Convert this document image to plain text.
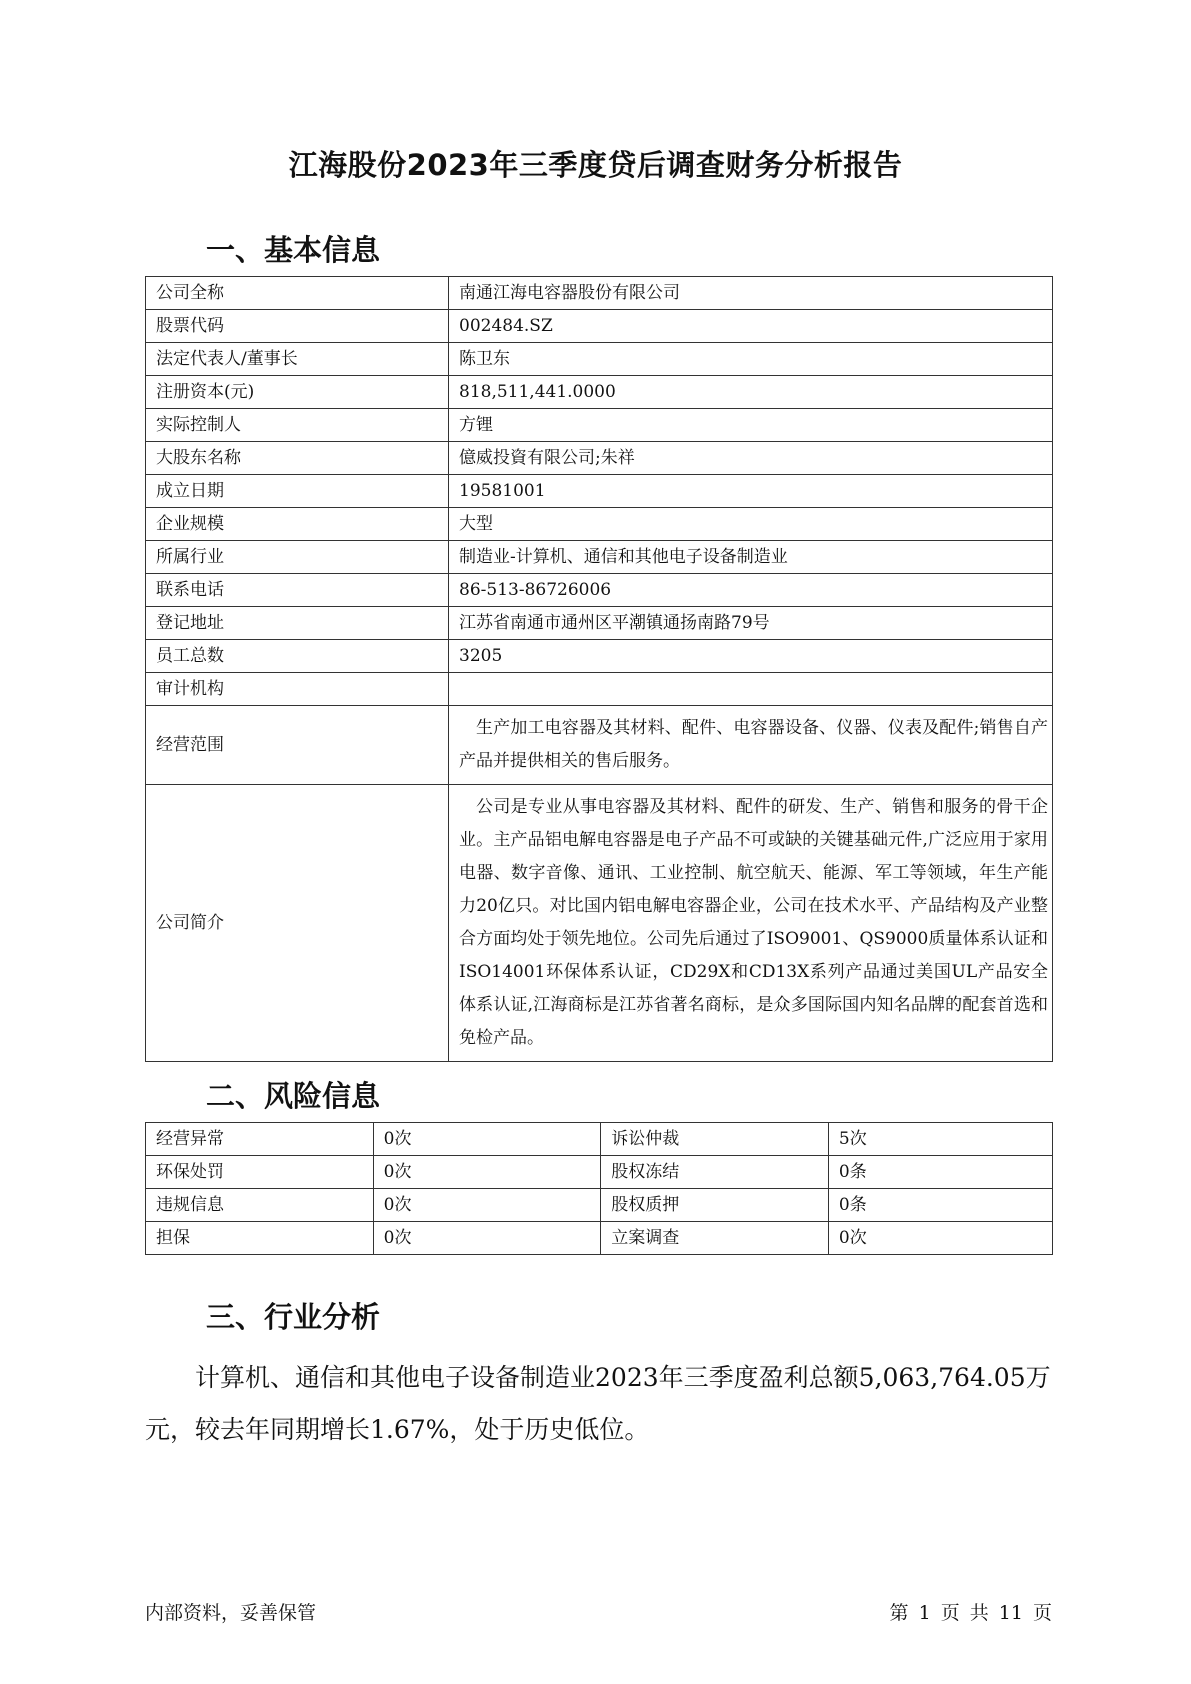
江海股份2023年三季度贷后调查财务分析报告
一、基本信息
公司全称	南通江海电容器股份有限公司
股票代码	002484.SZ
法定代表人/董事长	陈卫东
注册资本(元)	818,511,441.0000
实际控制人	方锂
大股东名称	億威投資有限公司;朱祥
成立日期	19581001
企业规模	大型
所属行业	制造业-计算机、通信和其他电子设备制造业
联系电话	86-513-86726006
登记地址	江苏省南通市通州区平潮镇通扬南路79号
员工总数	3205
审计机构	
经营范围	生产加工电容器及其材料、配件、电容器设备、仪器、仪表及配件;销售自产产品并提供相关的售后服务。
公司简介	公司是专业从事电容器及其材料、配件的研发、生产、销售和服务的骨干企业。主产品铝电解电容器是电子产品不可或缺的关键基础元件,广泛应用于家用电器、数字音像、通讯、工业控制、航空航天、能源、军工等领域，年生产能力20亿只。对比国内铝电解电容器企业，公司在技术水平、产品结构及产业整合方面均处于领先地位。公司先后通过了ISO9001、QS9000质量体系认证和ISO14001环保体系认证，CD29X和CD13X系列产品通过美国UL产品安全体系认证,江海商标是江苏省著名商标，是众多国际国内知名品牌的配套首选和免检产品。
二、风险信息
经营异常	0次	诉讼仲裁	5次
环保处罚	0次	股权冻结	0条
违规信息	0次	股权质押	0条
担保	0次	立案调查	0次
三、行业分析
计算机、通信和其他电子设备制造业2023年三季度盈利总额5,063,764.05万元，较去年同期增长1.67%，处于历史低位。
内部资料，妥善保管	第 1 页 共 11 页
